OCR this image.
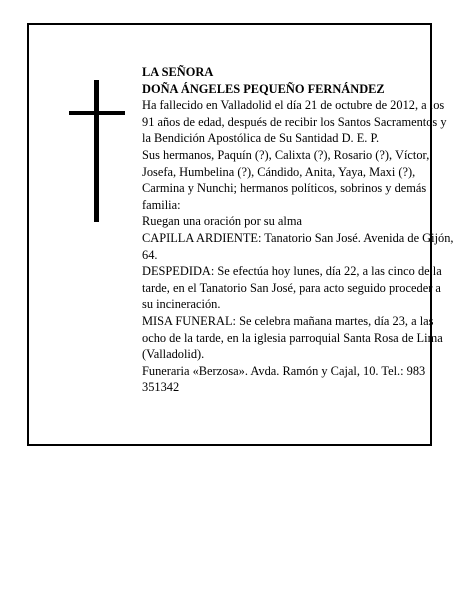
LA SEÑORA

DOÑA ÁNGELES PEQUEÑO FERNÁNDEZ

Ha fallecido en Valladolid el día 21 de octubre de 2012, a los 91 años de edad, después de recibir los Santos Sacramentos y la Bendición Apostólica de Su Santidad D. E. P.

Sus hermanos, Paquín (?), Calixta (?), Rosario (?), Víctor, Josefa, Humbelina (?), Cándido, Anita, Yaya, Maxi (?), Carmina y Nunchi; hermanos políticos, sobrinos y demás familia:

Ruegan una oración por su alma

CAPILLA ARDIENTE: Tanatorio San José. Avenida de Gijón, 64.

DESPEDIDA: Se efectúa hoy lunes, día 22, a las cinco de la tarde, en el Tanatorio San José, para acto seguido proceder a su incineración.

MISA FUNERAL: Se celebra mañana martes, día 23, a las ocho de la tarde, en la iglesia parroquial Santa Rosa de Lima (Valladolid).

Funeraria «Berzosa». Avda. Ramón y Cajal, 10. Tel.: 983 351342
